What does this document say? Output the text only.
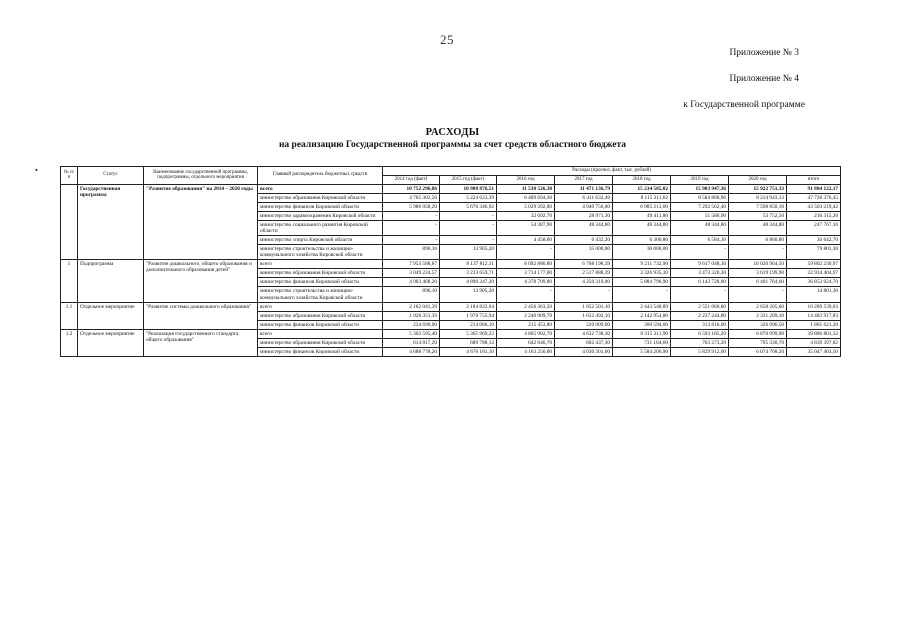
25
Приложение № 3
Приложение № 4
к Государственной программе
РАСХОДЫ
на реализацию Государственной программы за счет средств областного бюджета
•	№ п/п	Статус	Наименование государственной программы, подпрограммы, отдельного мероприятия	Главный распорядитель бюджетных средств	Расходы (прогноз, факт, тыс. рублей)							
				2014 год (факт)	2015 год (факт)	2016 год	2017 год	2018 год	2019 год	2020 год	итого
	Государственная программа	"Развитие образования" на 2014 – 2020 годы	всего	10 752 296,86	10 908 876,51	11 530 526,30	11 471 136,79	15 234 585,02	15 903 947,36	15 922 751,33	91 804 122,17
			министерство образования Кировской области	4 765 302,56	5 224 623,39	6 409 694,30	6 411 632,49	8 115 311,62	8 584 868,96	8 214 943,13	47 726 376,45
			министерство финансов Кировской области	5 986 058,20	5 670 346,92	5 029 392,80	4 940 756,00	6 985 213,00	7 292 562,40	7 598 850,10	43 503 219,42
			министерство здравоохранения Кировской области	-	-	32 692,70	28 971,30	49 411,80	51 586,90	53 752,50	216 315,20
			министерство социального развития Кировской области	-	-	54 387,90	48 344,80	48 344,80	48 344,80	48 344,80	247 767,10
			министерство спорта Кировской области	-	-	4 458,60	6 432,20	6 306,80	6 584,30	6 860,80	30 642,70
			министерство строительства и жилищно-коммунального хозяйства Кировской области	896,10	13 905,20	-	35 000,00	30 000,00	-	-	79 801,30
1	Подпрограмма	"Развитие дошкольного, общего образования и дополнительного образования детей"	всего	7 953 588,87	8 137 812,11	8 092 886,80	6 768 198,39	9 211 732,90	9 617 048,30	10 020 964,50	59 802 230,97
			министерство образования Кировской области	3 049 224,57	3 233 659,71	3 714 177,00	2 517 888,39	3 326 935,10	3 473 320,30	3 619 199,90	22 934 404,97
			министерство финансов Кировской области	4 903 468,20	4 890 247,20	4 378 709,80	4 250 310,00	5 884 796,90	6 143 728,00	6 401 764,60	36 853 024,70
			министерство строительства и жилищно-коммунального хозяйства Кировской области	896,10	13 905,20	-	-	-	-	-	14 801,30
1.1	Отдельное мероприятие	"Развитие системы дошкольного образования"	всего	2 162 041,39	2 184 822,04	2 456 363,50	1 852 501,10	2 443 548,89	2 551 060,80	2 658 205,60	16 289 539,03
			министерство образования Кировской области	1 928 351,39	1 970 755,94	2 240 909,70	1 632 492,10	2 142 954,80	2 237 244,80	2 331 209,10	14 483 917,83
			министерство финансов Кировской области	234 690,00	214 066,10	215 453,80	220 009,00	300 594,00	313 816,00	326 996,50	1 805 621,20
1.2	Отдельное мероприятие	"Реализация государственного стандарта общего образования"	всего	5 303 595,40	5 365 969,22	4 805 902,70	4 632 738,30	6 315 311,90	6 593 185,20	6 870 099,90	39 886 801,32
			министерство образования Кировской области	614 817,20	689 788,12	642 646,70	602 437,30	731 104,60	763 273,20	795 330,70	4 839 397,82
			министерство финансов Кировской области	4 688 778,20	4 676 181,10	4 163 256,00	4 030 301,00	5 584 206,90	5 829 912,00	6 074 768,20	35 047 403,50
